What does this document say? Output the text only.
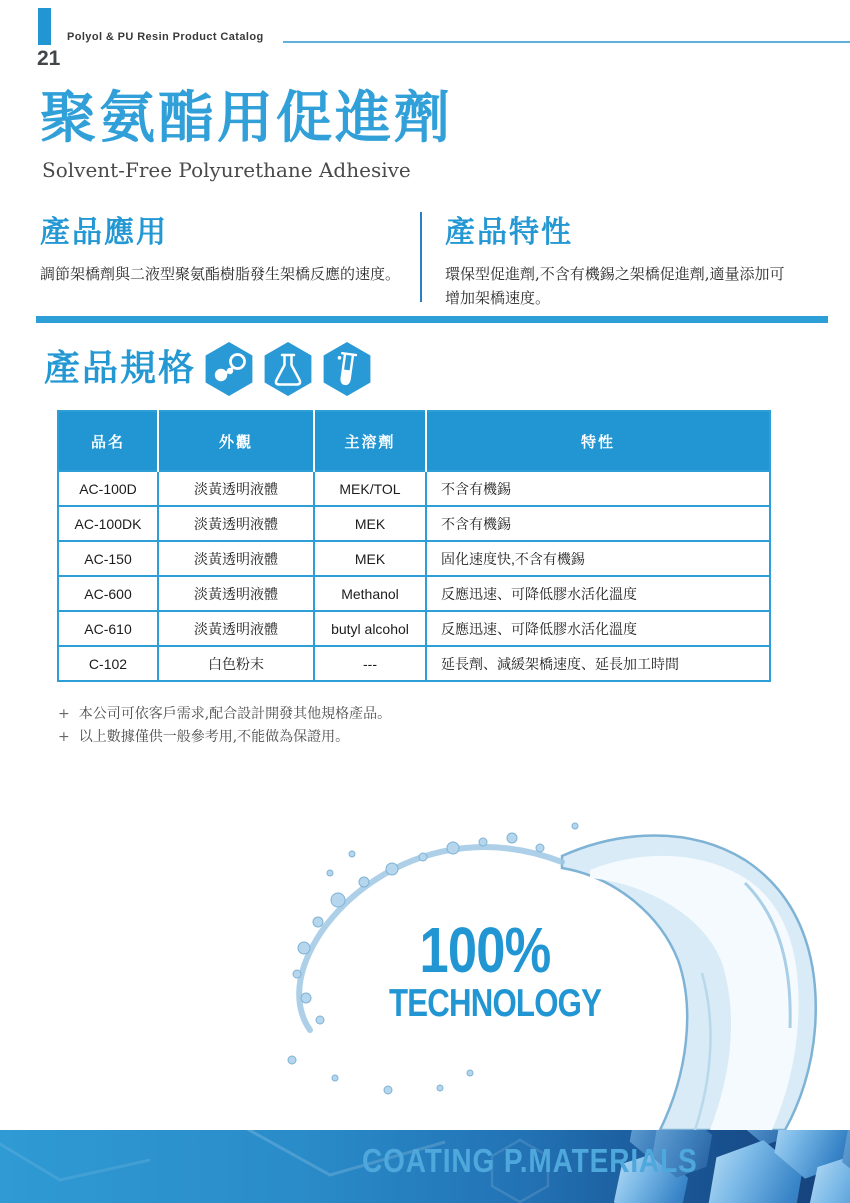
Polyol & PU Resin Product Catalog
21
聚氨酯用促進劑
Solvent-Free Polyurethane Adhesive
產品應用

調節架橋劑與二液型聚氨酯樹脂發生架橋反應的速度。

產品特性

環保型促進劑,不含有機錫之架橋促進劑,適量添加可增加架橋速度。

產品規格
品名	外觀	主溶劑	特性
AC-100D	淡黃透明液體	MEK/TOL	不含有機錫
AC-100DK	淡黃透明液體	MEK	不含有機錫
AC-150	淡黃透明液體	MEK	固化速度快,不含有機錫
AC-600	淡黃透明液體	Methanol	反應迅速、可降低膠水活化溫度
AC-610	淡黃透明液體	butyl alcohol	反應迅速、可降低膠水活化溫度
C-102	白色粉末	---	延長劑、減緩架橋速度、延長加工時間
+ 本公司可依客戶需求,配合設計開發其他規格產品。
+ 以上數據僅供一般參考用,不能做為保證用。
100%
TECHNOLOGY
COATING P.MATERIALS
